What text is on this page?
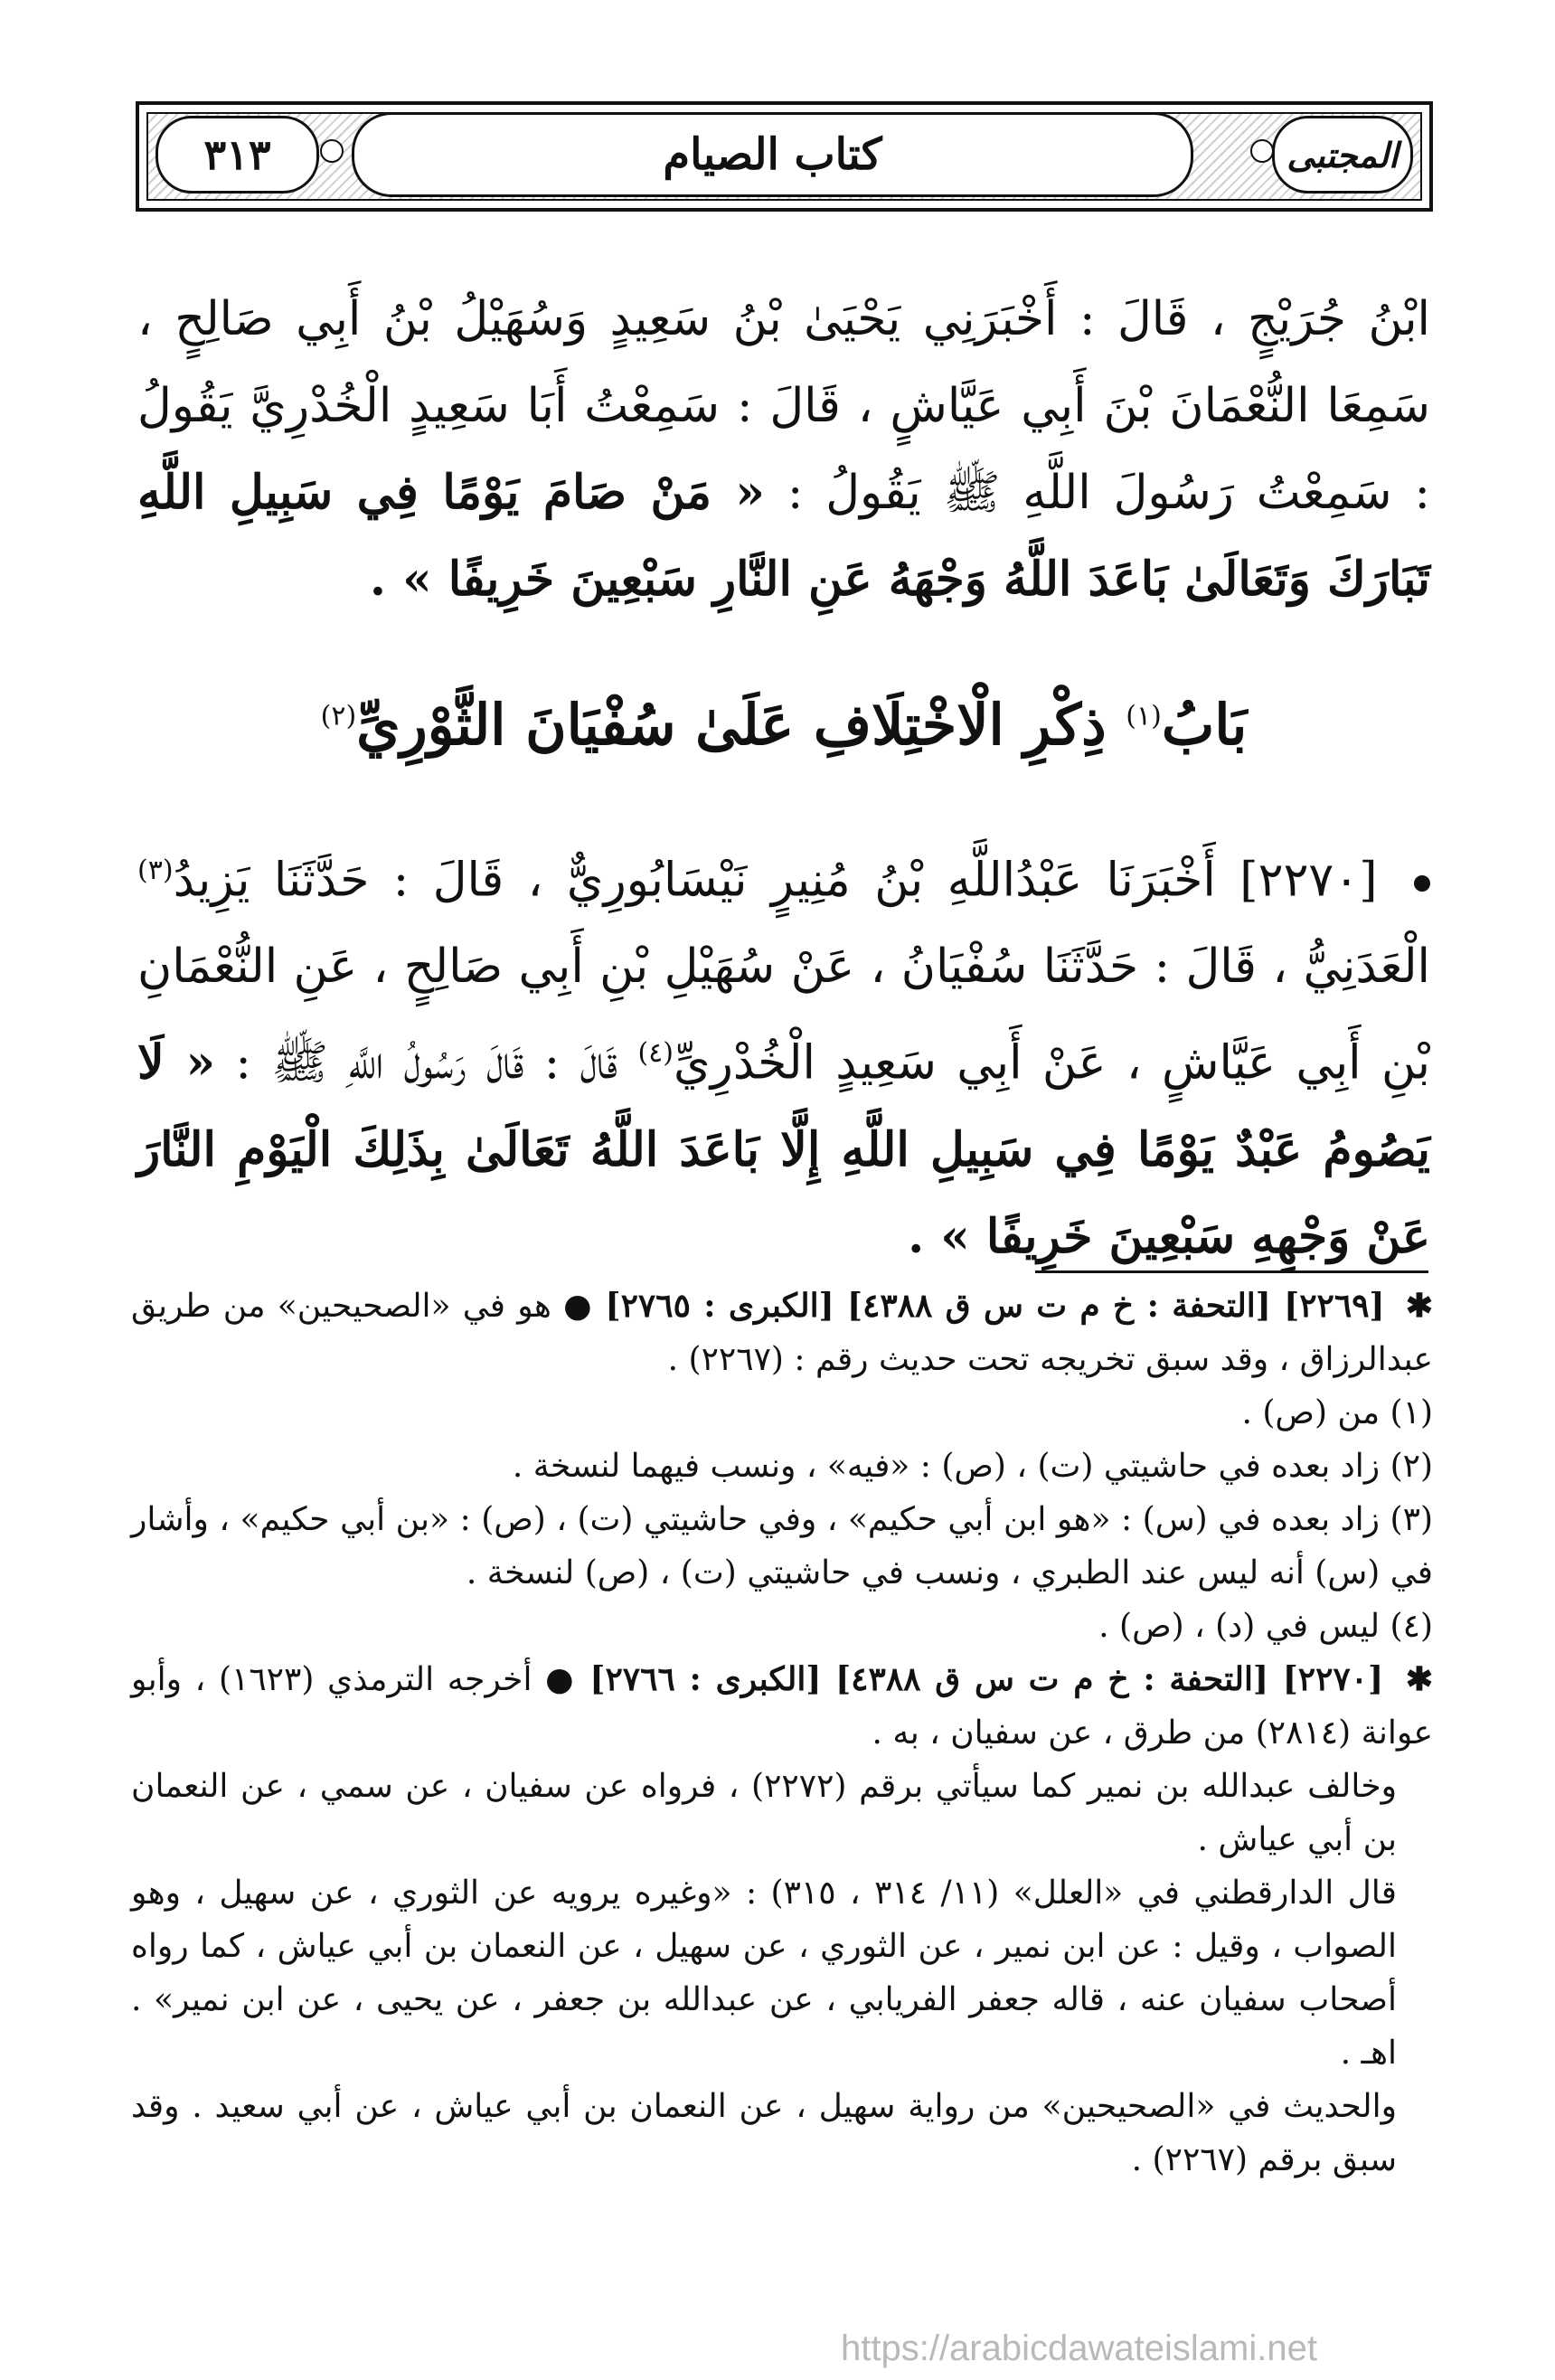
٣١٣	كتاب الصيام	المجتبى

ابْنُ جُرَيْجٍ ، قَالَ : أَخْبَرَنِي يَحْيَىٰ بْنُ سَعِيدٍ وَسُهَيْلُ بْنُ أَبِي صَالِحٍ ، سَمِعَا النُّعْمَانَ بْنَ أَبِي عَيَّاشٍ ، قَالَ : سَمِعْتُ أَبَا سَعِيدٍ الْخُدْرِيَّ يَقُولُ : سَمِعْتُ رَسُولَ اللَّهِ ﷺ يَقُولُ : « مَنْ صَامَ يَوْمًا فِي سَبِيلِ اللَّهِ تَبَارَكَ وَتَعَالَىٰ بَاعَدَ اللَّهُ وَجْهَهُ عَنِ النَّارِ سَبْعِينَ خَرِيفًا » .

بَابُ$^{(١)}$ ذِكْرِ الْاخْتِلَافِ عَلَىٰ سُفْيَانَ الثَّوْرِيِّ$^{(٢)}$

[٢٢٧٠] أَخْبَرَنَا عَبْدُاللَّهِ بْنُ مُنِيرٍ نَيْسَابُورِيٌّ ، قَالَ : حَدَّثَنَا يَزِيدُ$^{(٣)}$ الْعَدَنِيُّ ، قَالَ : حَدَّثَنَا سُفْيَانُ ، عَنْ سُهَيْلِ بْنِ أَبِي صَالِحٍ ، عَنِ النُّعْمَانِ بْنِ أَبِي عَيَّاشٍ ، عَنْ أَبِي سَعِيدٍ الْخُدْرِيِّ$^{(٤)}$ قَالَ : قَالَ رَسُولُ اللَّهِ ﷺ : « لَا يَصُومُ عَبْدٌ يَوْمًا فِي سَبِيلِ اللَّهِ إِلَّا بَاعَدَ اللَّهُ تَعَالَىٰ بِذَلِكَ الْيَوْمِ النَّارَ عَنْ وَجْهِهِ سَبْعِينَ خَرِيفًا » .

✱ [٢٢٦٩] [التحفة : خ م ت س ق ٤٣٨٨] [الكبرى : ٢٧٦٥] ● هو في «الصحيحين» من طريق عبدالرزاق ، وقد سبق تخريجه تحت حديث رقم : (٢٢٦٧) .

(١) من (ص) .

(٢) زاد بعده في حاشيتي (ت) ، (ص) : «فيه» ، ونسب فيهما لنسخة .

(٣) زاد بعده في (س) : «هو ابن أبي حكيم» ، وفي حاشيتي (ت) ، (ص) : «بن أبي حكيم» ، وأشار في (س) أنه ليس عند الطبري ، ونسب في حاشيتي (ت) ، (ص) لنسخة .

(٤) ليس في (د) ، (ص) .

✱ [٢٢٧٠] [التحفة : خ م ت س ق ٤٣٨٨] [الكبرى : ٢٧٦٦] ● أخرجه الترمذي (١٦٢٣) ، وأبو عوانة (٢٨١٤) من طرق ، عن سفيان ، به .

وخالف عبدالله بن نمير كما سيأتي برقم (٢٢٧٢) ، فرواه عن سفيان ، عن سمي ، عن النعمان بن أبي عياش .

قال الدارقطني في «العلل» (١١/ ٣١٤ ، ٣١٥) : «وغيره يرويه عن الثوري ، عن سهيل ، وهو الصواب ، وقيل : عن ابن نمير ، عن الثوري ، عن سهيل ، عن النعمان بن أبي عياش ، كما رواه أصحاب سفيان عنه ، قاله جعفر الفريابي ، عن عبدالله بن جعفر ، عن يحيى ، عن ابن نمير» . اهـ .

والحديث في «الصحيحين» من رواية سهيل ، عن النعمان بن أبي عياش ، عن أبي سعيد . وقد سبق برقم (٢٢٦٧) .

https://arabicdawateislami.net
